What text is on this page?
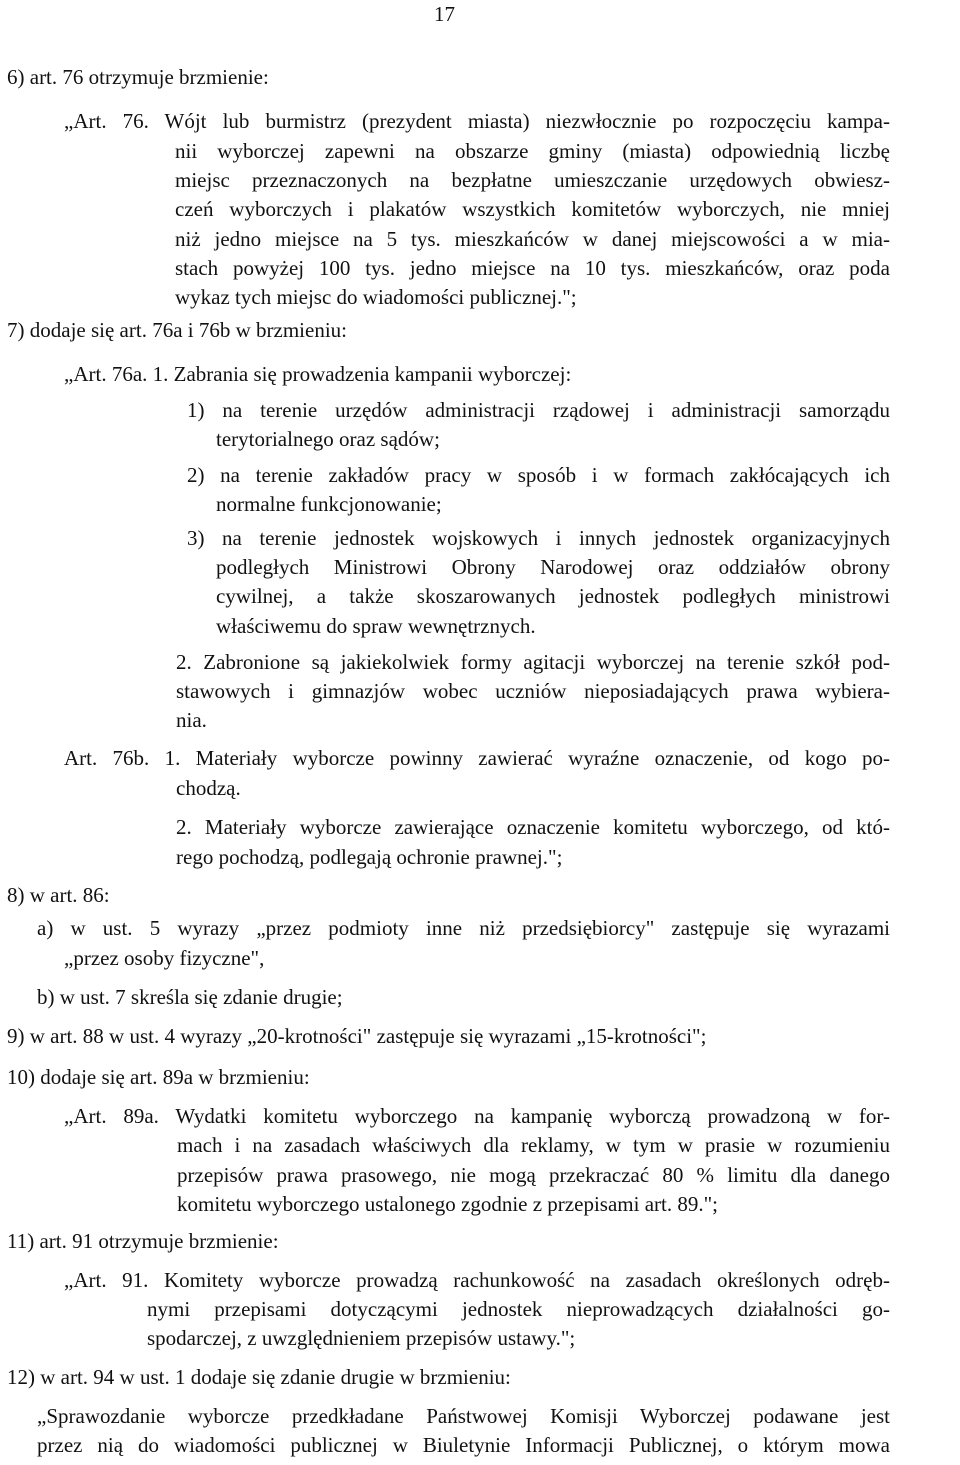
17
6) art. 76 otrzymuje brzmienie:
„Art. 76. Wójt lub burmistrz (prezydent miasta) niezwłocznie po rozpoczęciu kampa-
nii wyborczej zapewni na obszarze gminy (miasta) odpowiednią liczbę
miejsc przeznaczonych na bezpłatne umieszczanie urzędowych obwiesz-
czeń wyborczych i plakatów wszystkich komitetów wyborczych, nie mniej
niż jedno miejsce na 5 tys. mieszkańców w danej miejscowości a w mia-
stach powyżej 100 tys. jedno miejsce na 10 tys. mieszkańców, oraz poda
wykaz tych miejsc do wiadomości publicznej.";
7) dodaje się art. 76a i 76b w brzmieniu:
„Art. 76a. 1. Zabrania się prowadzenia kampanii wyborczej:
1) na terenie urzędów administracji rządowej i administracji samorządu
terytorialnego oraz sądów;
2) na terenie zakładów pracy w sposób i w formach zakłócających ich
normalne funkcjonowanie;
3) na terenie jednostek wojskowych i innych jednostek organizacyjnych
podległych Ministrowi Obrony Narodowej oraz oddziałów obrony
cywilnej, a także skoszarowanych jednostek podległych ministrowi
właściwemu do spraw wewnętrznych.
2. Zabronione są jakiekolwiek formy agitacji wyborczej na terenie szkół pod-
stawowych i gimnazjów wobec uczniów nieposiadających prawa wybiera-
nia.
Art. 76b. 1. Materiały wyborcze powinny zawierać wyraźne oznaczenie, od kogo po-
chodzą.
2. Materiały wyborcze zawierające oznaczenie komitetu wyborczego, od któ-
rego pochodzą, podlegają ochronie prawnej.";
8) w art. 86:
a) w ust. 5 wyrazy „przez podmioty inne niż przedsiębiorcy" zastępuje się wyrazami
„przez osoby fizyczne",
b) w ust. 7 skreśla się zdanie drugie;
9) w art. 88 w ust. 4 wyrazy „20-krotności" zastępuje się wyrazami „15-krotności";
10) dodaje się art. 89a w brzmieniu:
„Art. 89a. Wydatki komitetu wyborczego na kampanię wyborczą prowadzoną w for-
mach i na zasadach właściwych dla reklamy, w tym w prasie w rozumieniu
przepisów prawa prasowego, nie mogą przekraczać 80 % limitu dla danego
komitetu wyborczego ustalonego zgodnie z przepisami art. 89.";
11) art. 91 otrzymuje brzmienie:
„Art. 91. Komitety wyborcze prowadzą rachunkowość na zasadach określonych odręb-
nymi przepisami dotyczącymi jednostek nieprowadzących działalności go-
spodarczej, z uwzględnieniem przepisów ustawy.";
12) w art. 94 w ust. 1 dodaje się zdanie drugie w brzmieniu:
„Sprawozdanie wyborcze przedkładane Państwowej Komisji Wyborczej podawane jest
przez nią do wiadomości publicznej w Biuletynie Informacji Publicznej, o którym mowa
